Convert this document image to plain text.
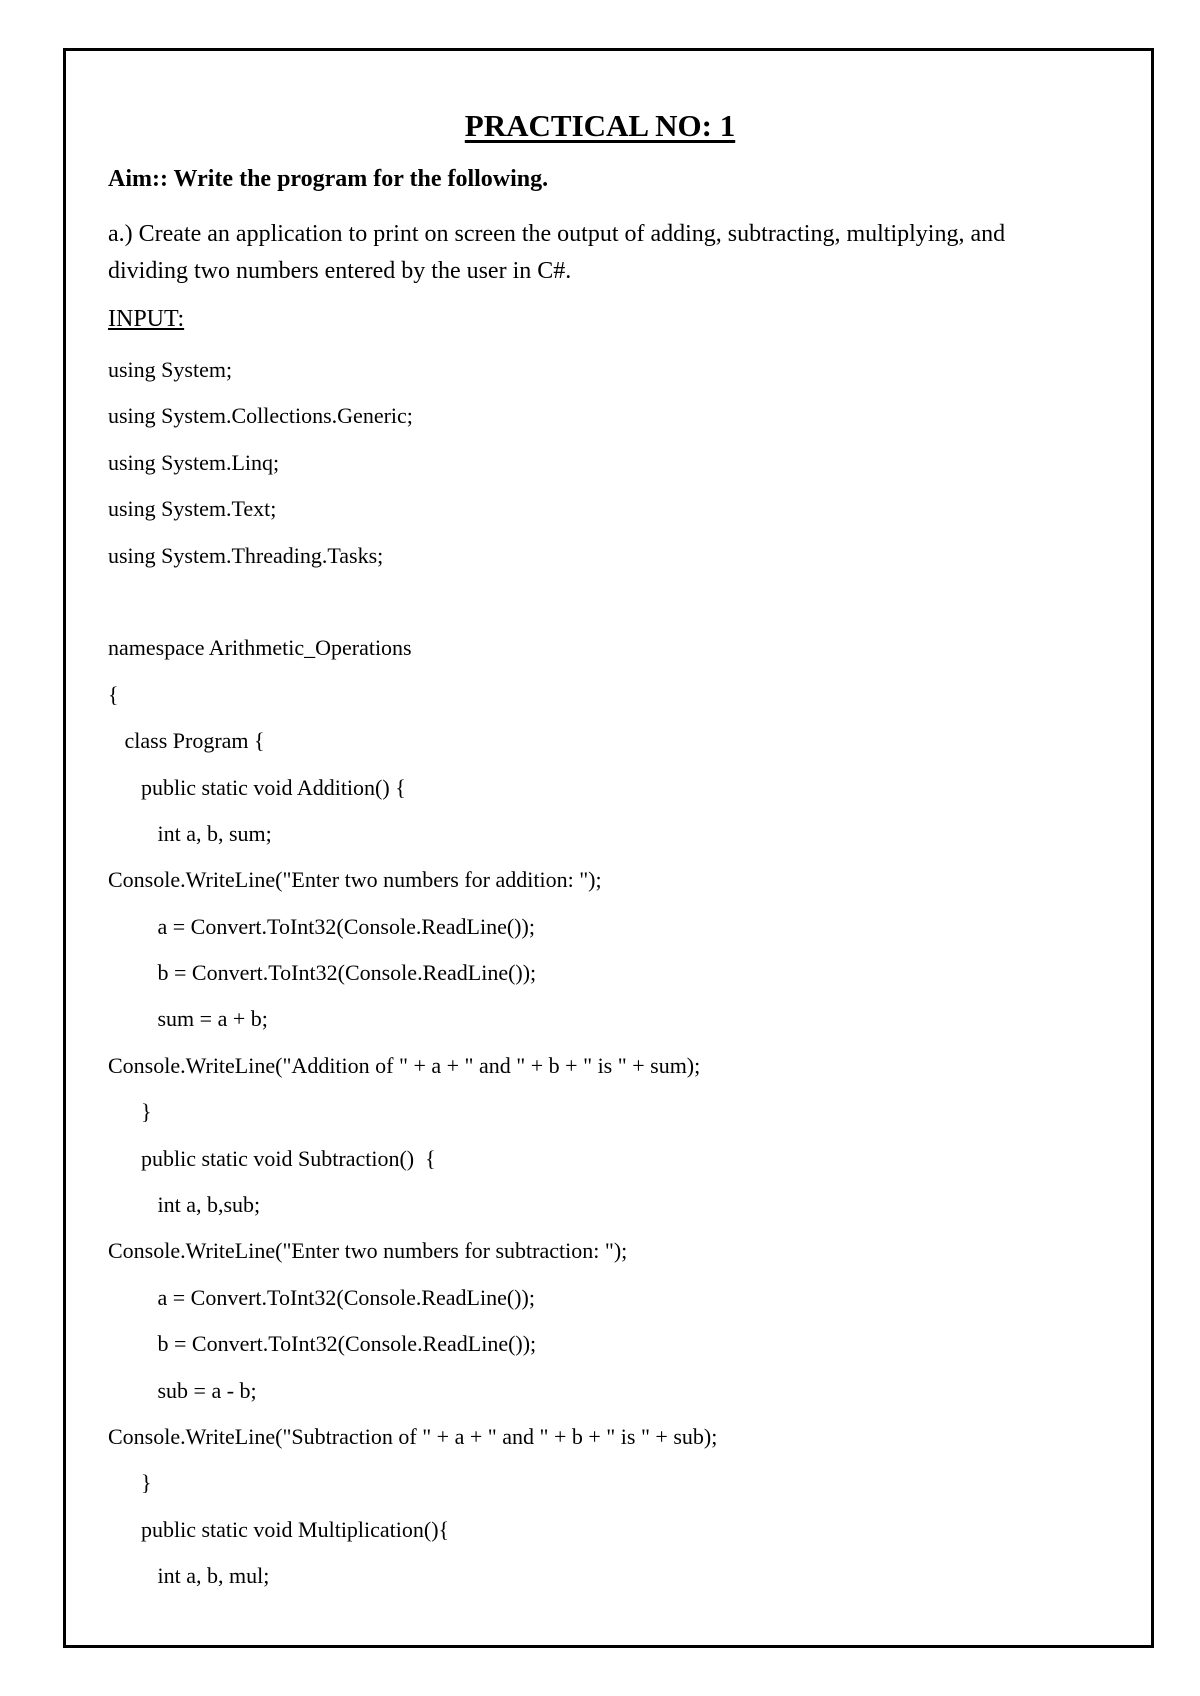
PRACTICAL NO: 1
Aim:: Write the program for the following.
a.) Create an application to print on screen the output of adding, subtracting, multiplying, and dividing two numbers entered by the user in C#.
INPUT:
using System;
using System.Collections.Generic;
using System.Linq;
using System.Text;
using System.Threading.Tasks;
namespace Arithmetic_Operations
{
class Program {
public static void Addition() {
int a, b, sum;
Console.WriteLine("Enter two numbers for addition: ");
a = Convert.ToInt32(Console.ReadLine());
b = Convert.ToInt32(Console.ReadLine());
sum = a + b;
Console.WriteLine("Addition of " + a + " and " + b + " is " + sum);
}
public static void Subtraction()  {
int a, b,sub;
Console.WriteLine("Enter two numbers for subtraction: ");
a = Convert.ToInt32(Console.ReadLine());
b = Convert.ToInt32(Console.ReadLine());
sub = a - b;
Console.WriteLine("Subtraction of " + a + " and " + b + " is " + sub);
}
public static void Multiplication(){
int a, b, mul;
